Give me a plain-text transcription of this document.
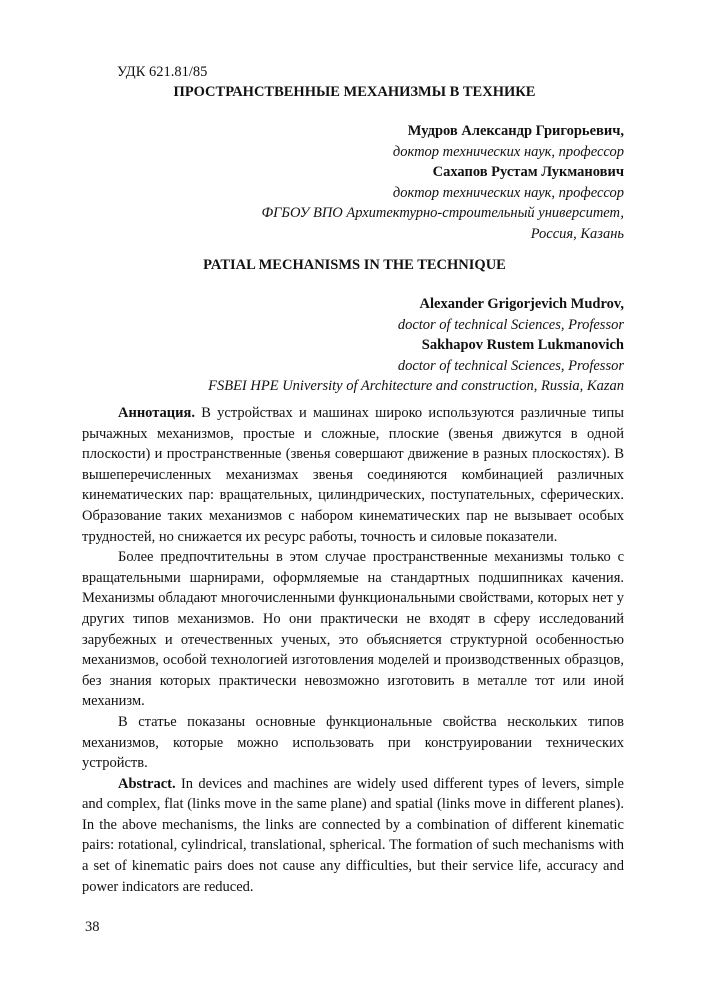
УДК 621.81/85
ПРОСТРАНСТВЕННЫЕ МЕХАНИЗМЫ В ТЕХНИКЕ
Мудров Александр Григорьевич,
доктор технических наук, профессор
Сахапов Рустам Лукманович
доктор технических наук, профессор
ФГБОУ ВПО Архитектурно-строительный университет,
Россия, Казань
PATIAL MECHANISMS IN THE TECHNIQUE
Alexander Grigorjevich Mudrov,
doctor of technical Sciences, Professor
Sakhapov Rustem Lukmanovich
doctor of technical Sciences, Professor
FSBEI HPE University of Architecture and construction, Russia, Kazan

Аннотация. В устройствах и машинах широко используются различные типы рычажных механизмов, простые и сложные, плоские (звенья движутся в одной плоскости) и пространственные (звенья совершают движение в разных плоскостях). В вышеперечисленных механизмах звенья соединяются комбинацией различных кинематических пар: вращательных, цилиндрических, поступательных, сферических. Образование таких механизмов с набором кинематических пар не вызывает особых трудностей, но снижается их ресурс работы, точность и силовые показатели.

Более предпочтительны в этом случае пространственные механизмы только с вращательными шарнирами, оформляемые на стандартных подшипниках качения. Механизмы обладают многочисленными функциональными свойствами, которых нет у других типов механизмов. Но они практически не входят в сферу исследований зарубежных и отечественных ученых, это объясняется структурной особенностью механизмов, особой технологией изготовления моделей и производственных образцов, без знания которых практически невозможно изготовить в металле тот или иной механизм.

В статье показаны основные функциональные свойства нескольких типов механизмов, которые можно использовать при конструировании технических устройств.

Abstract. In devices and machines are widely used different types of levers, simple and complex, flat (links move in the same plane) and spatial (links move in different planes). In the above mechanisms, the links are connected by a combination of different kinematic pairs: rotational, cylindrical, translational, spherical. The formation of such mechanisms with a set of kinematic pairs does not cause any difficulties, but their service life, accuracy and power indicators are reduced.

38
